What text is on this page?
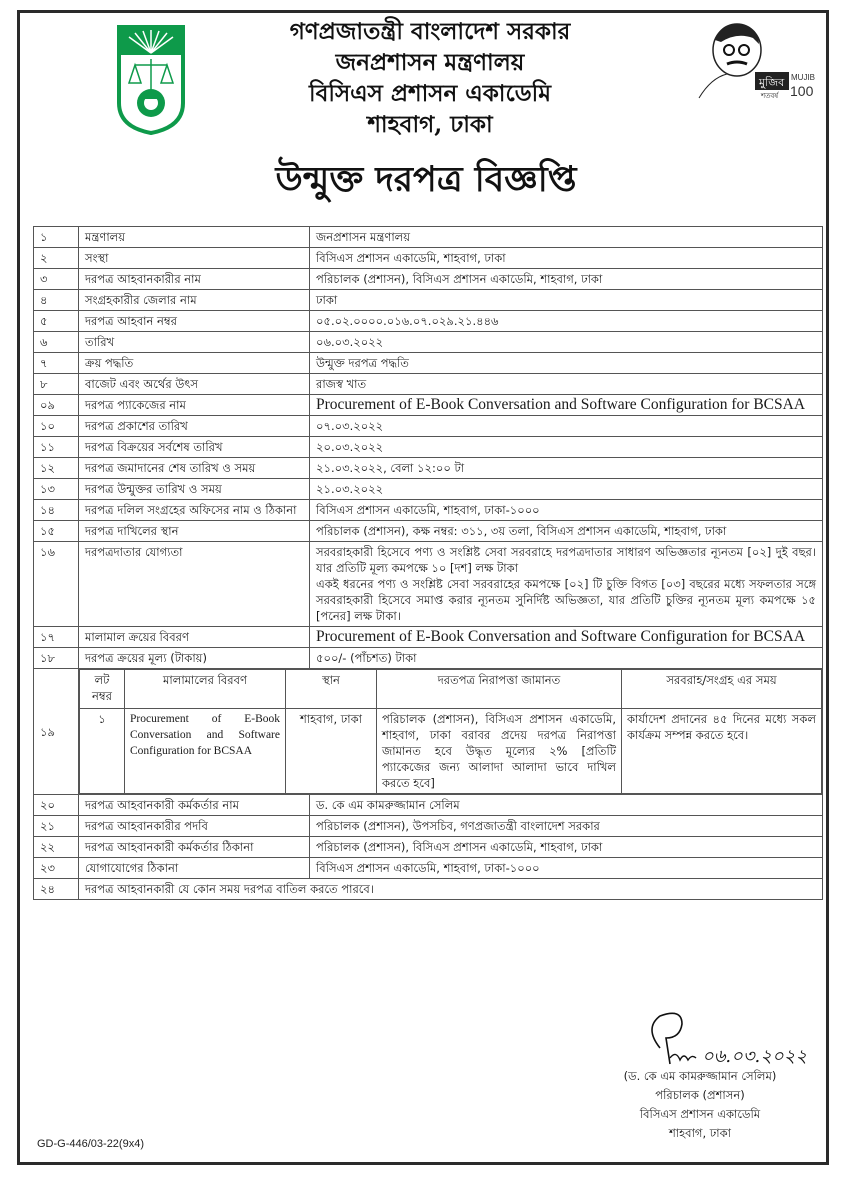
গণপ্রজাতন্ত্রী বাংলাদেশ সরকার
জনপ্রশাসন মন্ত্রণালয়
বিসিএস প্রশাসন একাডেমি
শাহবাগ, ঢাকা
মুজিব MUJIB
100
শতবর্ষ
উন্মুক্ত দরপত্র বিজ্ঞপ্তি
১	মন্ত্রণালয়	জনপ্রশাসন মন্ত্রণালয়
২	সংস্থা	বিসিএস প্রশাসন একাডেমি, শাহবাগ, ঢাকা
৩	দরপত্র আহবানকারীর নাম	পরিচালক (প্রশাসন), বিসিএস প্রশাসন একাডেমি, শাহবাগ, ঢাকা
৪	সংগ্রহকারীর জেলার নাম	ঢাকা
৫	দরপত্র আহবান নম্বর	০৫.০২.০০০০.০১৬.০৭.০২৯.২১.৪৪৬
৬	তারিখ	০৬.০৩.২০২২
৭	ক্রয় পদ্ধতি	উন্মুক্ত দরপত্র পদ্ধতি
৮	বাজেট এবং অর্থের উৎস	রাজস্ব খাত
০৯	দরপত্র প্যাকেজের নাম	Procurement of E-Book Conversation and Software Configuration for BCSAA
১০	দরপত্র প্রকাশের তারিখ	০৭.০৩.২০২২
১১	দরপত্র বিক্রয়ের সর্বশেষ তারিখ	২০.০৩.২০২২
১২	দরপত্র জমাদানের শেষ তারিখ ও সময়	২১.০৩.২০২২, বেলা ১২:০০ টা
১৩	দরপত্র উন্মুক্তর তারিখ ও সময়	২১.০৩.২০২২
১৪	দরপত্র দলিল সংগ্রহের অফিসের নাম ও ঠিকানা	বিসিএস প্রশাসন একাডেমি, শাহবাগ, ঢাকা-১০০০
১৫	দরপত্র দাখিলের স্থান	পরিচালক (প্রশাসন), কক্ষ নম্বর: ৩১১, ৩য় তলা, বিসিএস প্রশাসন একাডেমি, শাহবাগ, ঢাকা
১৬	দরপত্রদাতার যোগ্যতা	সরবরাহকারী হিসেবে পণ্য ও সংশ্লিষ্ট সেবা সরবরাহে দরপত্রদাতার সাধারণ অভিজ্ঞতার ন্যূনতম [০২] দুই বছর। যার প্রতিটি মূল্য কমপক্ষে ১০ [দশ] লক্ষ টাকা
একই ধরনের পণ্য ও সংশ্লিষ্ট সেবা সরবরাহের কমপক্ষে [০২] টি চুক্তি বিগত [০৩] বছরের মধ্যে সফলতার সঙ্গে সরবরাহকারী হিসেবে সমাপ্ত করার ন্যূনতম সুনির্দিষ্ট অভিজ্ঞতা, যার প্রতিটি চুক্তির ন্যূনতম মূল্য কমপক্ষে ১৫ [পনের] লক্ষ টাকা।

১৭	মালামাল ক্রয়ের বিবরণ	Procurement of E-Book Conversation and Software Configuration for BCSAA
১৮	দরপত্র ক্রয়ের মূল্য (টাকায়)	৫০০/- (পাঁচশত) টাকা
১৯	
লট নম্বর	মালামালের বিরবণ	স্থান	দরতপত্র নিরাপত্তা জামানত	সরবরাহ/সংগ্রহ এর সময়
১	Procurement of E-Book Conversation and Software Configuration for BCSAA	শাহবাগ, ঢাকা	পরিচালক (প্রশাসন), বিসিএস প্রশাসন একাডেমি, শাহবাগ, ঢাকা বরাবর প্রদেয় দরপত্র নিরাপত্তা জামানত হবে উদ্ধৃত মূল্যের ২% [প্রতিটি প্যাকেজের জন্য আলাদা আলাদা ভাবে দাখিল করতে হবে]	কার্যাদেশ প্রদানের ৪৫ দিনের মধ্যে সকল কার্যক্রম সম্পন্ন করতে হবে।

২০	দরপত্র আহবানকারী কর্মকর্তার নাম	ড. কে এম কামরুজ্জামান সেলিম
২১	দরপত্র আহবানকারীর পদবি	পরিচালক (প্রশাসন), উপসচিব, গণপ্রজাতন্ত্রী বাংলাদেশ সরকার
২২	দরপত্র আহবানকারী কর্মকর্তার ঠিকানা	পরিচালক (প্রশাসন), বিসিএস প্রশাসন একাডেমি, শাহবাগ, ঢাকা
২৩	যোগাযোগের ঠিকানা	বিসিএস প্রশাসন একাডেমি, শাহবাগ, ঢাকা-১০০০
২৪	দরপত্র আহবানকারী যে কোন সময় দরপত্র বাতিল করতে পারবে।
০৬.০৩.২০২২
(ড. কে এম কামরুজ্জামান সেলিম)
পরিচালক (প্রশাসন)
বিসিএস প্রশাসন একাডেমি
শাহবাগ, ঢাকা
GD-G-446/03-22(9x4)
